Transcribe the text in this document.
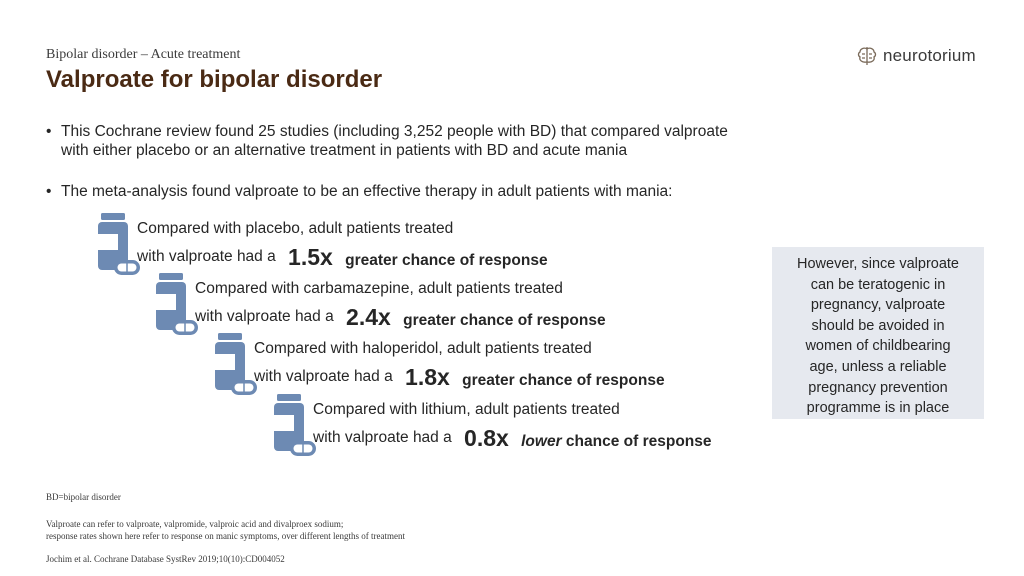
Bipolar disorder – Acute treatment
Valproate for bipolar disorder
neurotorium
• This Cochrane review found 25 studies (including 3,252 people with BD) that compared valproate
with either placebo or an alternative treatment in patients with BD and acute mania
• The meta-analysis found valproate to be an effective therapy in adult patients with mania:
Compared with placebo, adult patients treated
with valproate had a 1.5x greater chance of response
Compared with carbamazepine, adult patients treated
with valproate had a 2.4x greater chance of response
Compared with haloperidol, adult patients treated
with valproate had a 1.8x greater chance of response
Compared with lithium, adult patients treated
with valproate had a 0.8x lower chance of response
However, since valproate
can be teratogenic in
pregnancy, valproate
should be avoided in
women of childbearing
age, unless a reliable
pregnancy prevention
programme is in place
BD=bipolar disorder
Valproate can refer to valproate, valpromide, valproic acid and divalproex sodium;
response rates shown here refer to response on manic symptoms, over different lengths of treatment
Jochim et al. Cochrane Database SystRev 2019;10(10):CD004052
